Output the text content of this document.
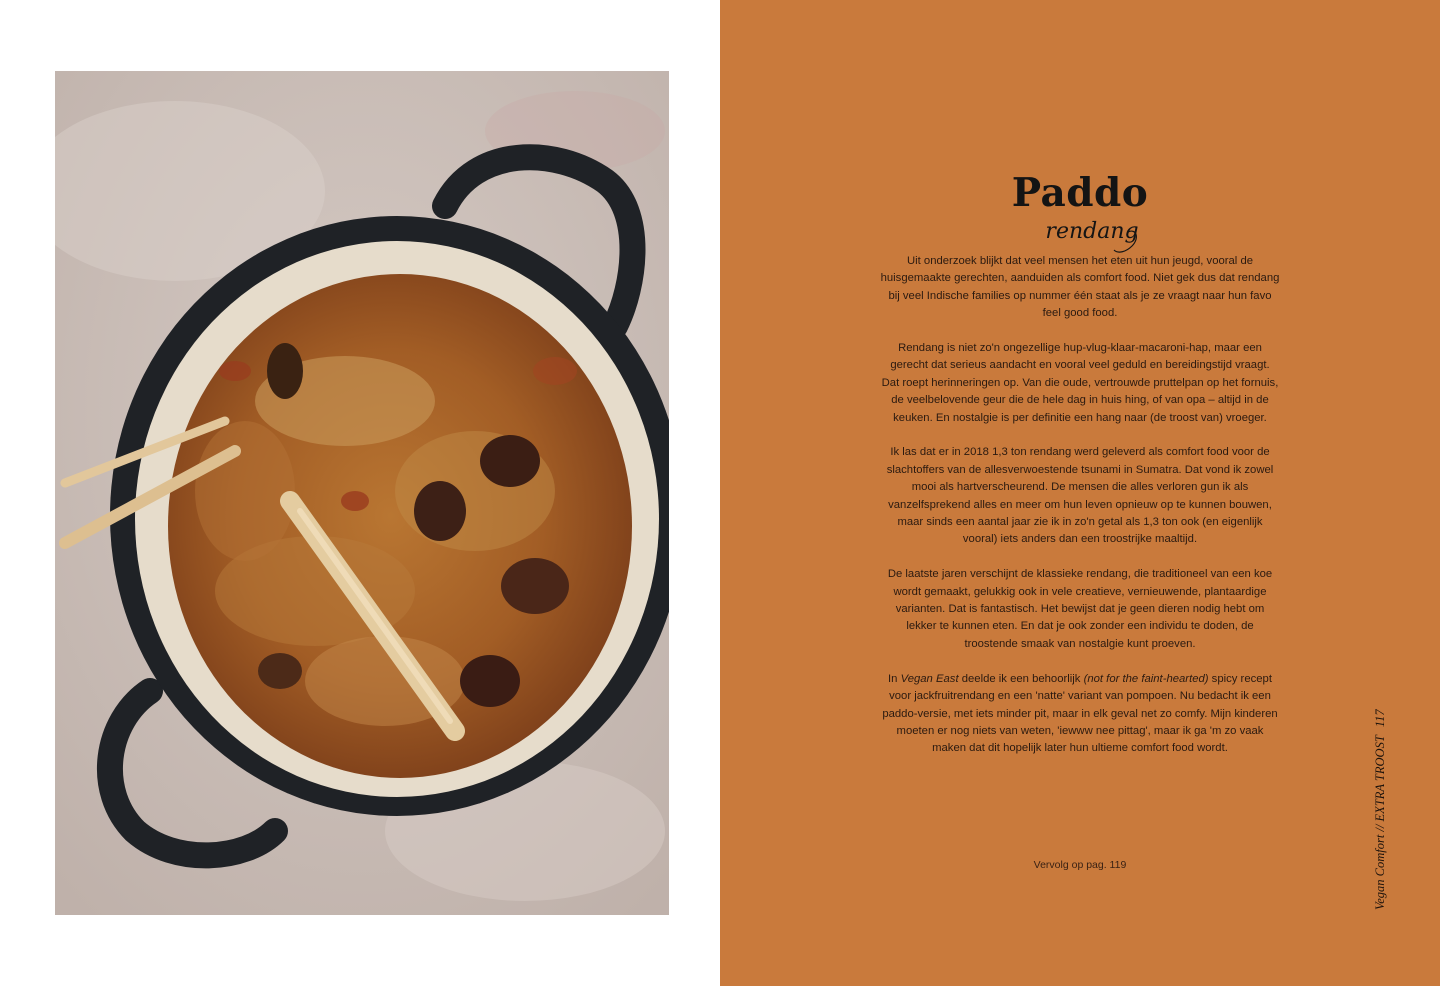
Paddo
rendang

Uit onderzoek blijkt dat veel mensen het eten uit hun jeugd, vooral de huisgemaakte gerechten, aanduiden als comfort food. Niet gek dus dat rendang bij veel Indische families op nummer één staat als je ze vraagt naar hun favo feel good food.

Rendang is niet zo'n ongezellige hup-vlug-klaar-macaroni-hap, maar een gerecht dat serieus aandacht en vooral veel geduld en bereidingstijd vraagt. Dat roept herinneringen op. Van die oude, vertrouwde pruttelpan op het fornuis, de veelbelovende geur die de hele dag in huis hing, of van opa – altijd in de keuken. En nostalgie is per definitie een hang naar (de troost van) vroeger.

Ik las dat er in 2018 1,3 ton rendang werd geleverd als comfort food voor de slachtoffers van de allesverwoestende tsunami in Sumatra. Dat vond ik zowel mooi als hartverscheurend. De mensen die alles verloren gun ik als vanzelfsprekend alles en meer om hun leven opnieuw op te kunnen bouwen, maar sinds een aantal jaar zie ik in zo'n getal als 1,3 ton ook (en eigenlijk vooral) iets anders dan een troostrijke maaltijd.

De laatste jaren verschijnt de klassieke rendang, die traditioneel van een koe wordt gemaakt, gelukkig ook in vele creatieve, vernieuwende, plantaardige varianten. Dat is fantastisch. Het bewijst dat je geen dieren nodig hebt om lekker te kunnen eten. En dat je ook zonder een individu te doden, de troostende smaak van nostalgie kunt proeven.

In Vegan East deelde ik een behoorlijk (not for the faint-hearted) spicy recept voor jackfruitrendang en een 'natte' variant van pompoen. Nu bedacht ik een paddo-versie, met iets minder pit, maar in elk geval net zo comfy. Mijn kinderen moeten er nog niets van weten, 'iewww nee pittag', maar ik ga 'm zo vaak maken dat dit hopelijk later hun ultieme comfort food wordt.

Vervolg op pag. 119	Vegan Comfort // EXTRA TROOST117
